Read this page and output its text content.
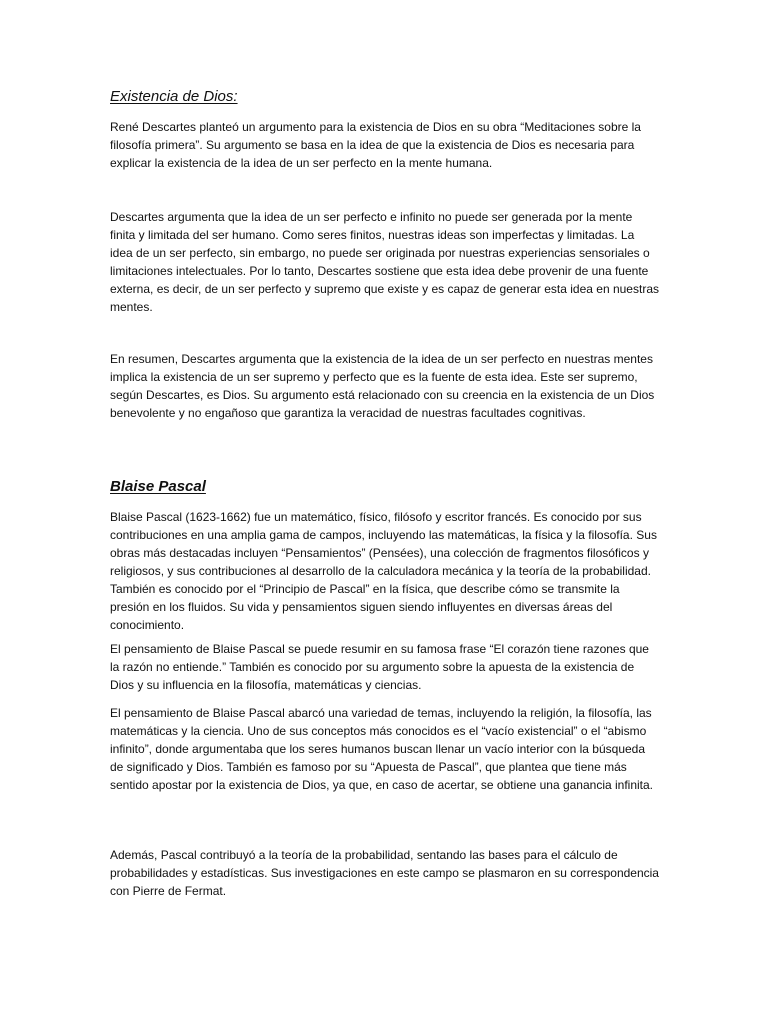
Existencia de Dios:

René Descartes planteó un argumento para la existencia de Dios en su obra “Meditaciones sobre la filosofía primera”. Su argumento se basa en la idea de que la existencia de Dios es necesaria para explicar la existencia de la idea de un ser perfecto en la mente humana.

Descartes argumenta que la idea de un ser perfecto e infinito no puede ser generada por la mente finita y limitada del ser humano. Como seres finitos, nuestras ideas son imperfectas y limitadas. La idea de un ser perfecto, sin embargo, no puede ser originada por nuestras experiencias sensoriales o limitaciones intelectuales. Por lo tanto, Descartes sostiene que esta idea debe provenir de una fuente externa, es decir, de un ser perfecto y supremo que existe y es capaz de generar esta idea en nuestras mentes.

En resumen, Descartes argumenta que la existencia de la idea de un ser perfecto en nuestras mentes implica la existencia de un ser supremo y perfecto que es la fuente de esta idea. Este ser supremo, según Descartes, es Dios. Su argumento está relacionado con su creencia en la existencia de un Dios benevolente y no engañoso que garantiza la veracidad de nuestras facultades cognitivas.

Blaise Pascal

Blaise Pascal (1623-1662) fue un matemático, físico, filósofo y escritor francés. Es conocido por sus contribuciones en una amplia gama de campos, incluyendo las matemáticas, la física y la filosofía. Sus obras más destacadas incluyen “Pensamientos” (Pensées), una colección de fragmentos filosóficos y religiosos, y sus contribuciones al desarrollo de la calculadora mecánica y la teoría de la probabilidad. También es conocido por el “Principio de Pascal” en la física, que describe cómo se transmite la presión en los fluidos. Su vida y pensamientos siguen siendo influyentes en diversas áreas del conocimiento.

El pensamiento de Blaise Pascal se puede resumir en su famosa frase “El corazón tiene razones que la razón no entiende.” También es conocido por su argumento sobre la apuesta de la existencia de Dios y su influencia en la filosofía, matemáticas y ciencias.

El pensamiento de Blaise Pascal abarcó una variedad de temas, incluyendo la religión, la filosofía, las matemáticas y la ciencia. Uno de sus conceptos más conocidos es el “vacío existencial” o el “abismo infinito”, donde argumentaba que los seres humanos buscan llenar un vacío interior con la búsqueda de significado y Dios. También es famoso por su “Apuesta de Pascal”, que plantea que tiene más sentido apostar por la existencia de Dios, ya que, en caso de acertar, se obtiene una ganancia infinita.

Además, Pascal contribuyó a la teoría de la probabilidad, sentando las bases para el cálculo de probabilidades y estadísticas. Sus investigaciones en este campo se plasmaron en su correspondencia con Pierre de Fermat.
